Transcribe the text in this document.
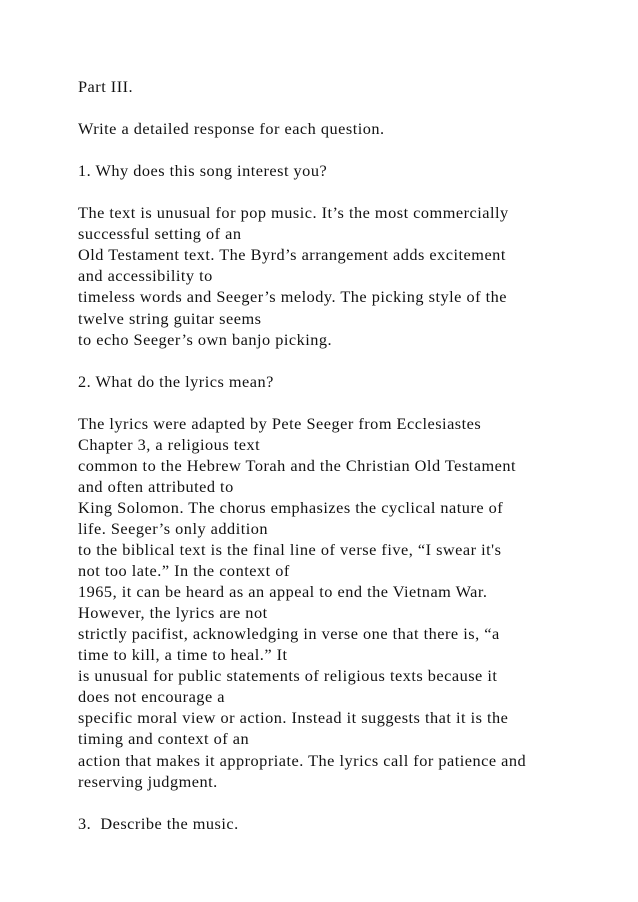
Part III.
Write a detailed response for each question.
1. Why does this song interest you?
The text is unusual for pop music. It’s the most commercially
successful setting of an
Old Testament text. The Byrd’s arrangement adds excitement
and accessibility to
timeless words and Seeger’s melody. The picking style of the
twelve string guitar seems
to echo Seeger’s own banjo picking.
2. What do the lyrics mean?
The lyrics were adapted by Pete Seeger from Ecclesiastes
Chapter 3, a religious text
common to the Hebrew Torah and the Christian Old Testament
and often attributed to
King Solomon. The chorus emphasizes the cyclical nature of
life. Seeger’s only addition
to the biblical text is the final line of verse five, “I swear it's
not too late.” In the context of
1965, it can be heard as an appeal to end the Vietnam War.
However, the lyrics are not
strictly pacifist, acknowledging in verse one that there is, “a
time to kill, a time to heal.” It
is unusual for public statements of religious texts because it
does not encourage a
specific moral view or action. Instead it suggests that it is the
timing and context of an
action that makes it appropriate. The lyrics call for patience and
reserving judgment.
3.  Describe the music.
